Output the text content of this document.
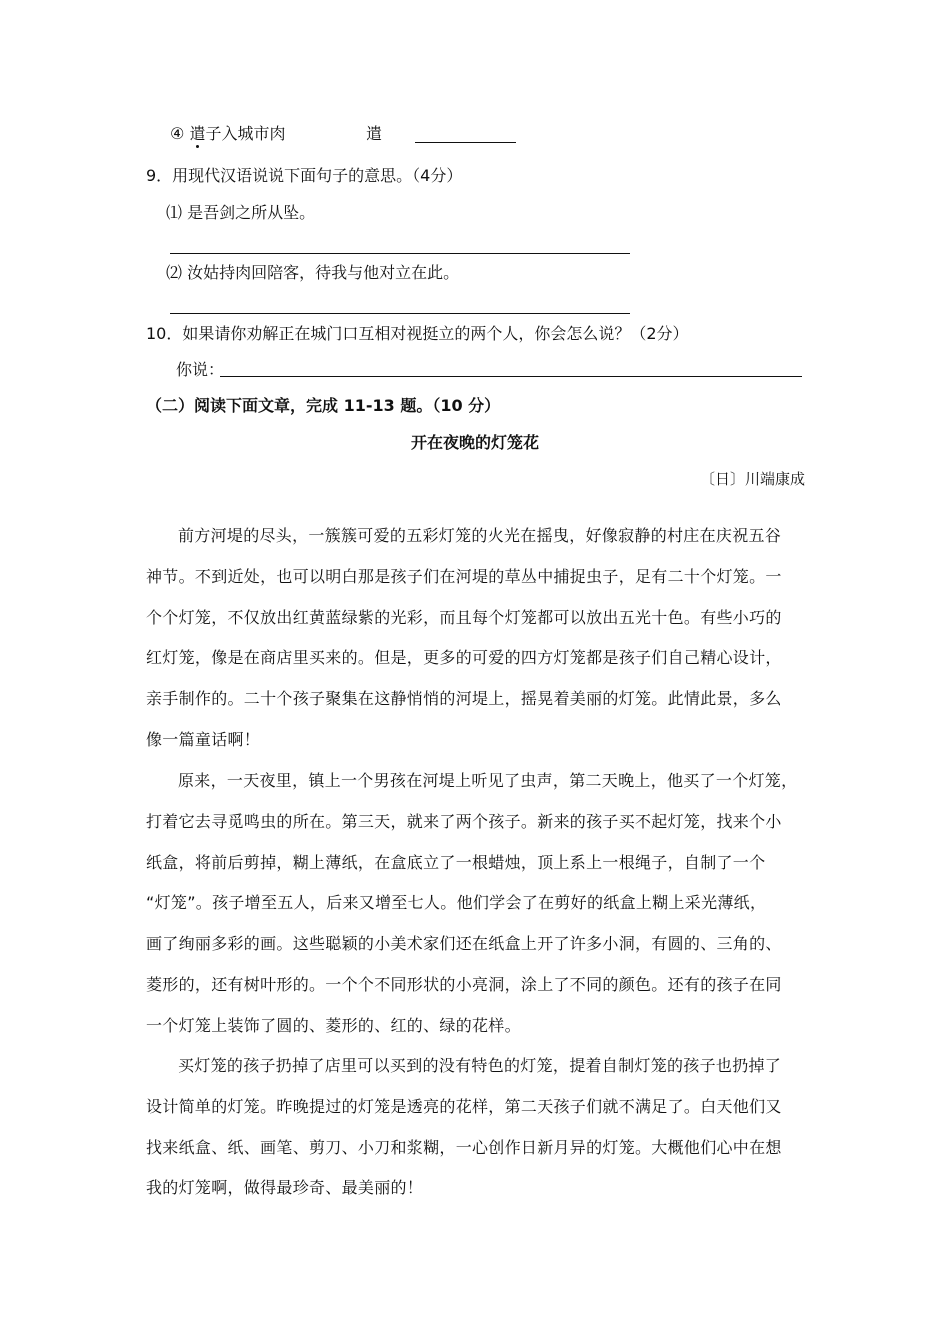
④ 遣子入城市肉	遣
9．用现代汉语说说下面句子的意思。（4分）
⑴ 是吾剑之所从坠。
⑵ 汝姑持肉回陪客，待我与他对立在此。
10．如果请你劝解正在城门口互相对视挺立的两个人，你会怎么说？（2分）
你说：
（二）阅读下面文章，完成 11-13 题。（10 分）
开在夜晚的灯笼花
〔日〕川端康成
前方河堤的尽头，一簇簇可爱的五彩灯笼的火光在摇曳，好像寂静的村庄在庆祝五谷
神节。不到近处，也可以明白那是孩子们在河堤的草丛中捕捉虫子，足有二十个灯笼。一
个个灯笼，不仅放出红黄蓝绿紫的光彩，而且每个灯笼都可以放出五光十色。有些小巧的
红灯笼，像是在商店里买来的。但是，更多的可爱的四方灯笼都是孩子们自己精心设计，
亲手制作的。二十个孩子聚集在这静悄悄的河堤上，摇晃着美丽的灯笼。此情此景，多么
像一篇童话啊！
原来，一天夜里，镇上一个男孩在河堤上听见了虫声，第二天晚上，他买了一个灯笼，
打着它去寻觅鸣虫的所在。第三天，就来了两个孩子。新来的孩子买不起灯笼，找来个小
纸盒，将前后剪掉，糊上薄纸，在盒底立了一根蜡烛，顶上系上一根绳子，自制了一个
“灯笼”。孩子增至五人，后来又增至七人。他们学会了在剪好的纸盒上糊上采光薄纸，
画了绚丽多彩的画。这些聪颖的小美术家们还在纸盒上开了许多小洞，有圆的、三角的、
菱形的，还有树叶形的。一个个不同形状的小亮洞，涂上了不同的颜色。还有的孩子在同
一个灯笼上装饰了圆的、菱形的、红的、绿的花样。
买灯笼的孩子扔掉了店里可以买到的没有特色的灯笼，提着自制灯笼的孩子也扔掉了
设计简单的灯笼。昨晚提过的灯笼是透亮的花样，第二天孩子们就不满足了。白天他们又
找来纸盒、纸、画笔、剪刀、小刀和浆糊，一心创作日新月异的灯笼。大概他们心中在想
我的灯笼啊，做得最珍奇、最美丽的！
